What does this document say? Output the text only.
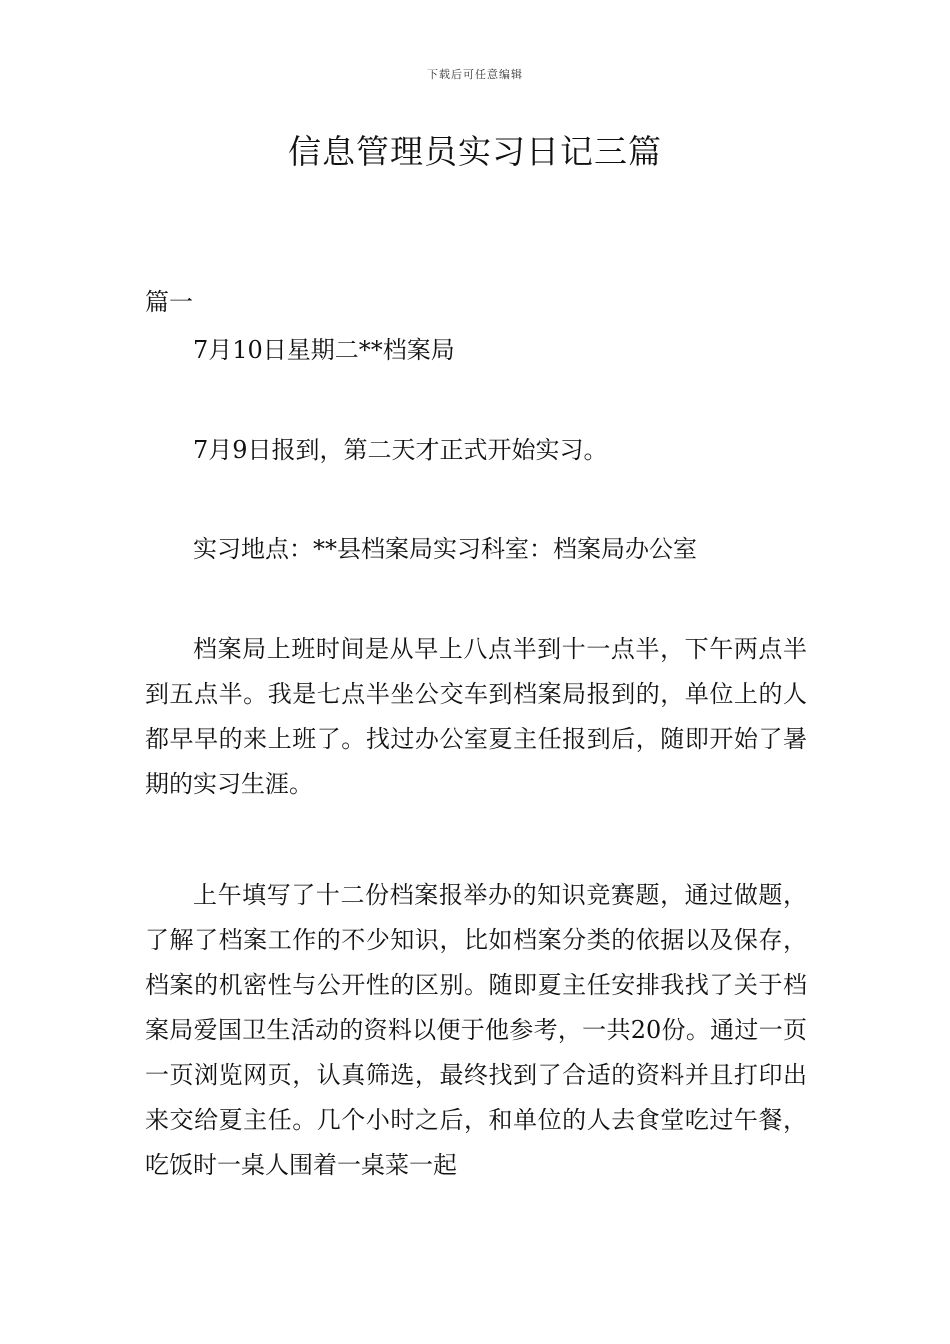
下载后可任意编辑
信息管理员实习日记三篇
篇一

7月10日星期二**档案局

7月9日报到，第二天才正式开始实习。

实习地点：**县档案局实习科室：档案局办公室

档案局上班时间是从早上八点半到十一点半，下午两点半到五点半。我是七点半坐公交车到档案局报到的，单位上的人都早早的来上班了。找过办公室夏主任报到后，随即开始了暑期的实习生涯。

上午填写了十二份档案报举办的知识竞赛题，通过做题，了解了档案工作的不少知识，比如档案分类的依据以及保存，档案的机密性与公开性的区别。随即夏主任安排我找了关于档案局爱国卫生活动的资料以便于他参考，一共20份。通过一页一页浏览网页，认真筛选，最终找到了合适的资料并且打印出来交给夏主任。几个小时之后，和单位的人去食堂吃过午餐，吃饭时一桌人围着一桌菜一起
